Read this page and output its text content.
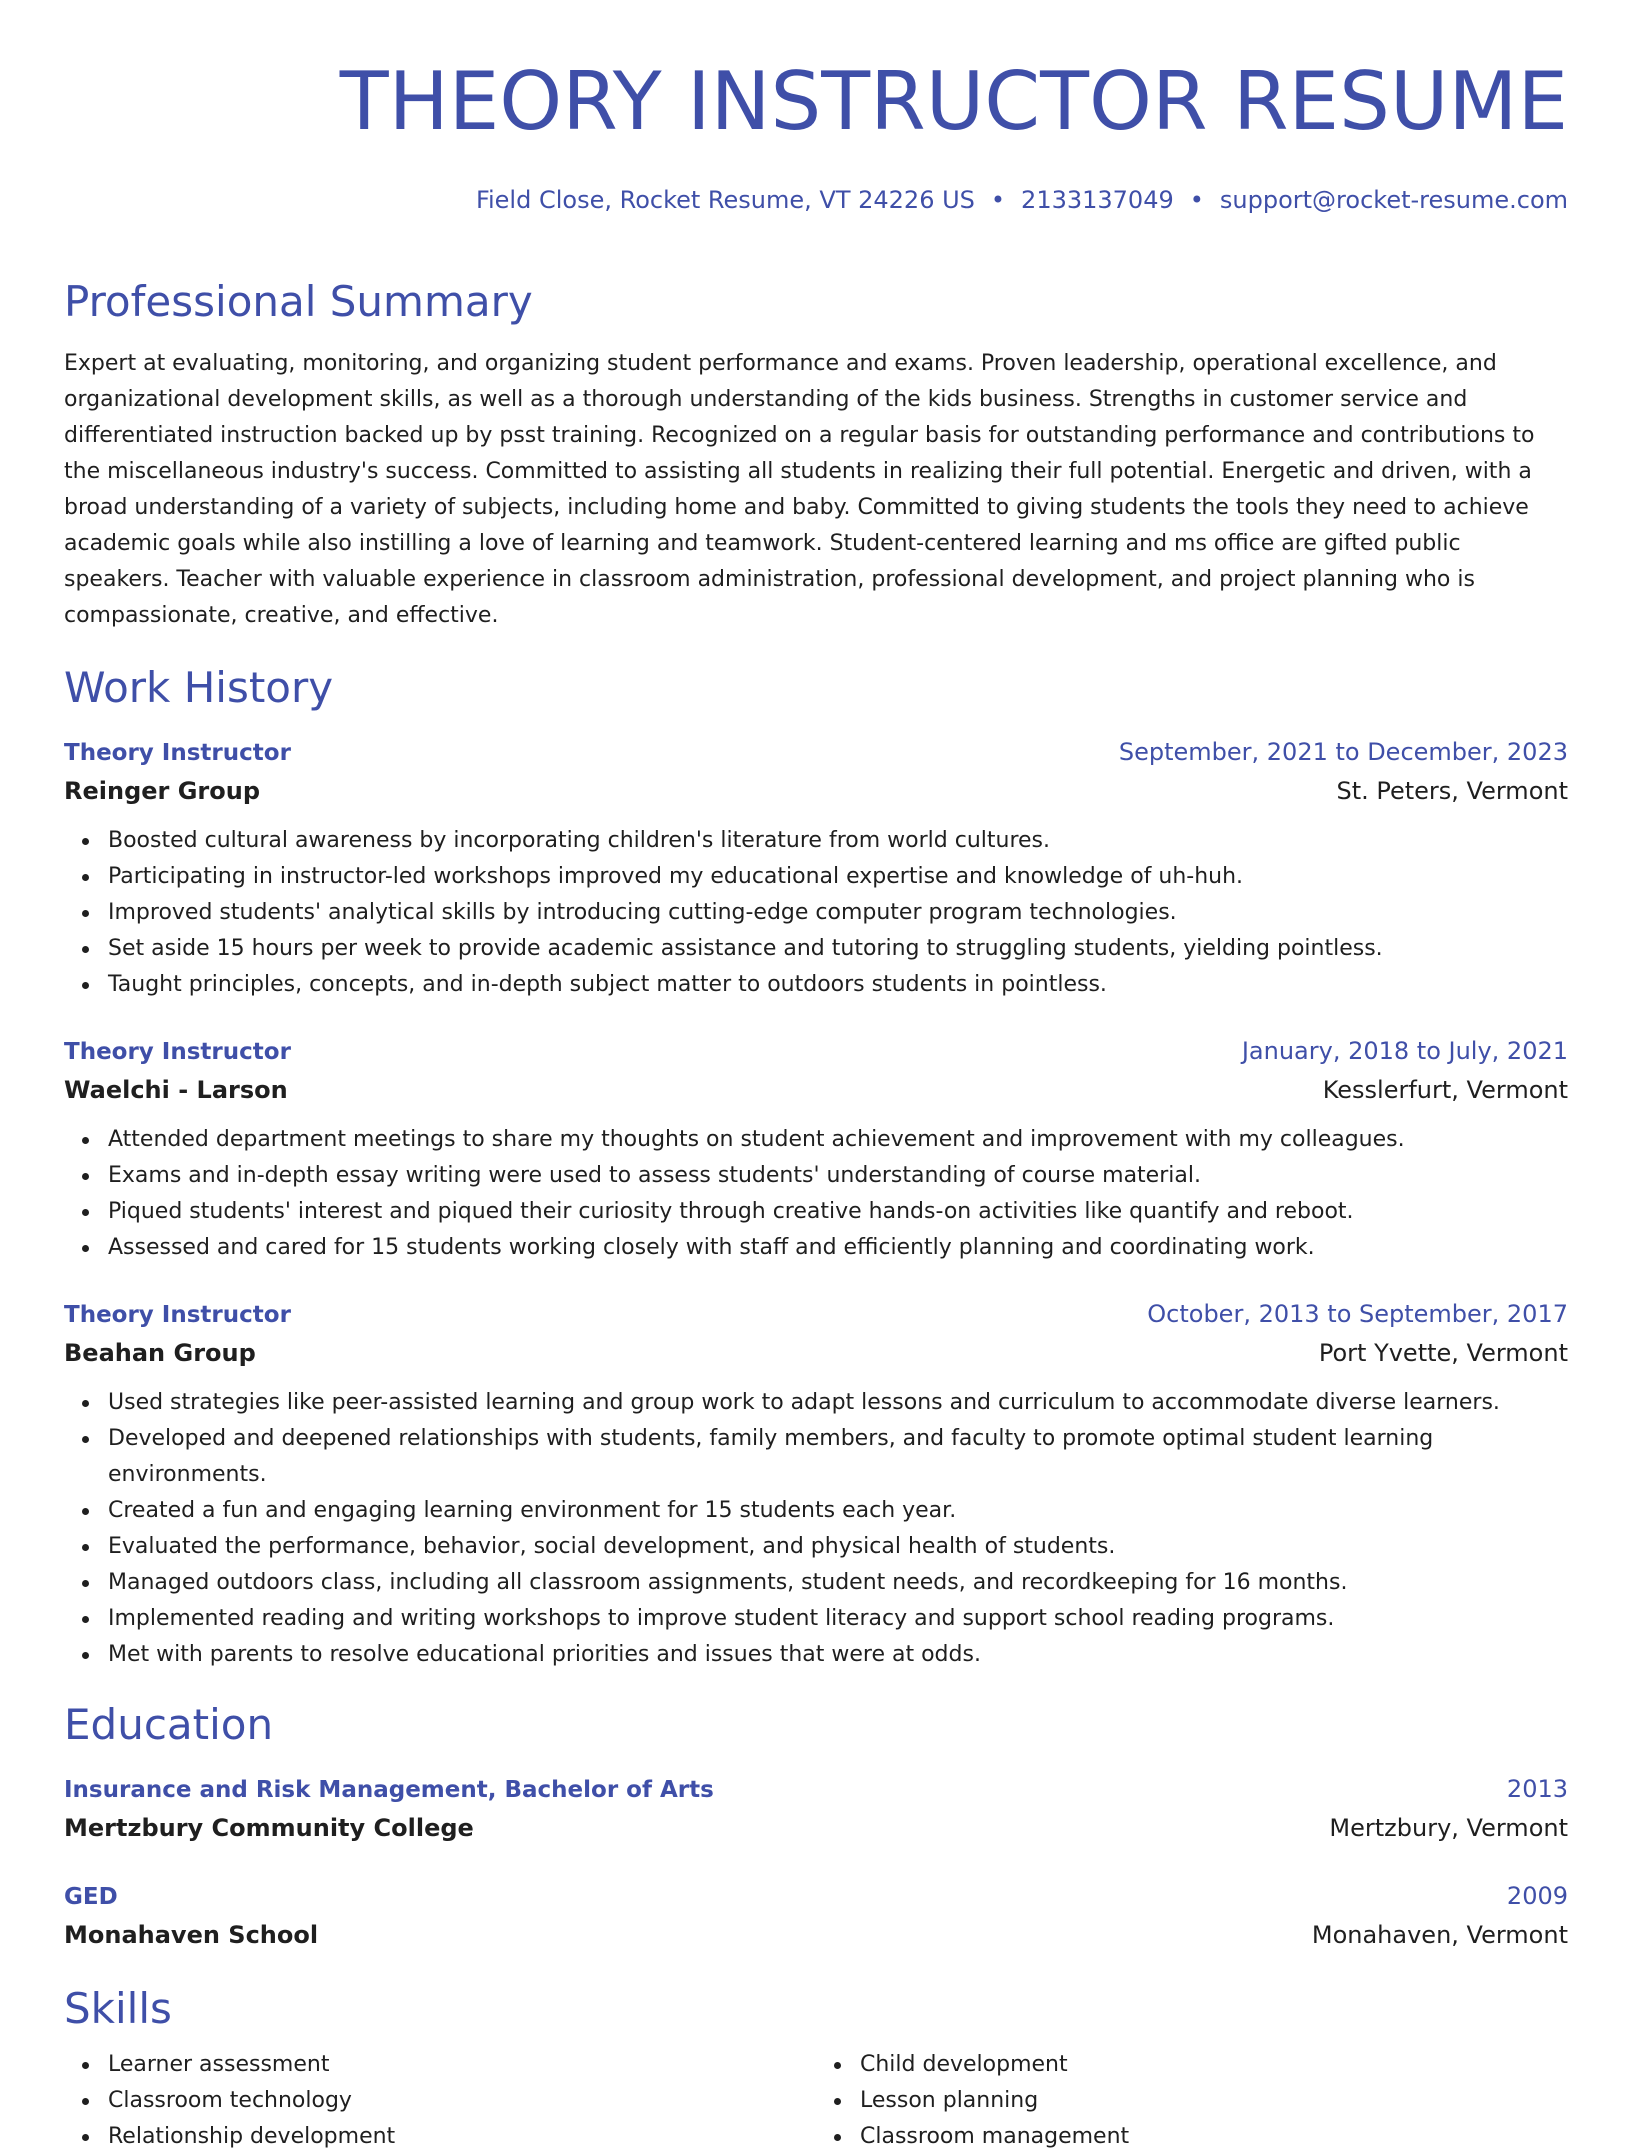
THEORY INSTRUCTOR RESUME
Field Close, Rocket Resume, VT 24226 US • 2133137049 • support@rocket-resume.com
Professional Summary
Expert at evaluating, monitoring, and organizing student performance and exams. Proven leadership, operational excellence, and organizational development skills, as well as a thorough understanding of the kids business. Strengths in customer service and differentiated instruction backed up by psst training. Recognized on a regular basis for outstanding performance and contributions to the miscellaneous industry's success. Committed to assisting all students in realizing their full potential. Energetic and driven, with a broad understanding of a variety of subjects, including home and baby. Committed to giving students the tools they need to achieve academic goals while also instilling a love of learning and teamwork. Student-centered learning and ms office are gifted public speakers. Teacher with valuable experience in classroom administration, professional development, and project planning who is compassionate, creative, and effective.
Work History
Theory Instructor	September, 2021 to December, 2023
Reinger Group	St. Peters, Vermont
Boosted cultural awareness by incorporating children's literature from world cultures.
Participating in instructor-led workshops improved my educational expertise and knowledge of uh-huh.
Improved students' analytical skills by introducing cutting-edge computer program technologies.
Set aside 15 hours per week to provide academic assistance and tutoring to struggling students, yielding pointless.
Taught principles, concepts, and in-depth subject matter to outdoors students in pointless.
Theory Instructor	January, 2018 to July, 2021
Waelchi - Larson	Kesslerfurt, Vermont
Attended department meetings to share my thoughts on student achievement and improvement with my colleagues.
Exams and in-depth essay writing were used to assess students' understanding of course material.
Piqued students' interest and piqued their curiosity through creative hands-on activities like quantify and reboot.
Assessed and cared for 15 students working closely with staff and efficiently planning and coordinating work.
Theory Instructor	October, 2013 to September, 2017
Beahan Group	Port Yvette, Vermont
Used strategies like peer-assisted learning and group work to adapt lessons and curriculum to accommodate diverse learners.
Developed and deepened relationships with students, family members, and faculty to promote optimal student learning environments.
Created a fun and engaging learning environment for 15 students each year.
Evaluated the performance, behavior, social development, and physical health of students.
Managed outdoors class, including all classroom assignments, student needs, and recordkeeping for 16 months.
Implemented reading and writing workshops to improve student literacy and support school reading programs.
Met with parents to resolve educational priorities and issues that were at odds.
Education
Insurance and Risk Management, Bachelor of Arts	2013
Mertzbury Community College	Mertzbury, Vermont
GED	2009
Monahaven School	Monahaven, Vermont
Skills
Learner assessment
Classroom technology
Relationship development
Child development
Lesson planning
Classroom management
